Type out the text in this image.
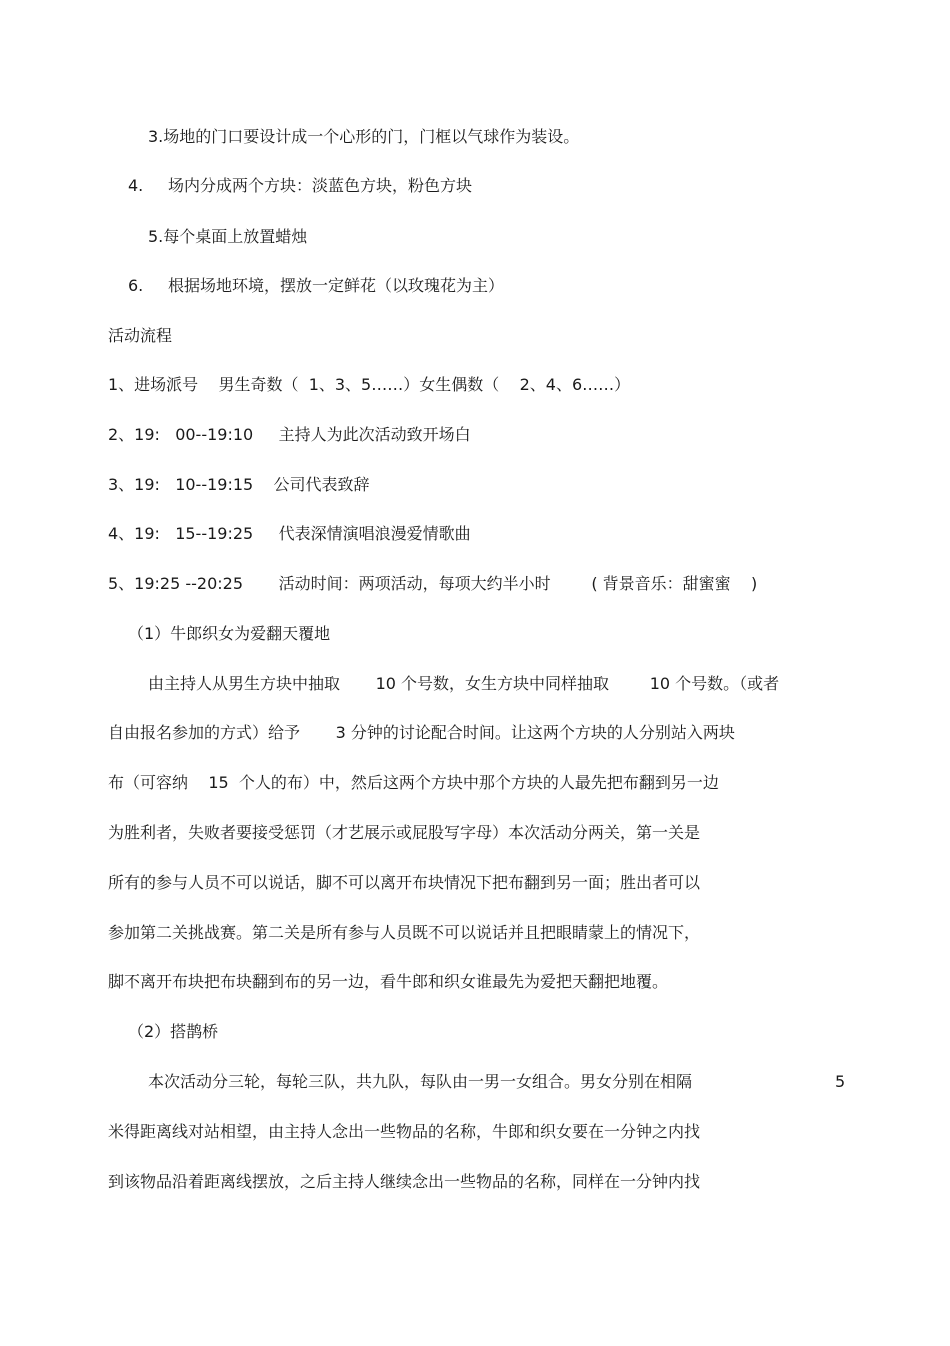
3.场地的门口要设计成一个心形的门，门框以气球作为装设。
4. 场内分成两个方块：淡蓝色方块，粉色方块
5.每个桌面上放置蜡烛
6. 根据场地环境，摆放一定鲜花（以玫瑰花为主）
活动流程
1、进场派号    男生奇数（  1、3、5……）女生偶数（    2、4、6……）
2、19:   00--19:10     主持人为此次活动致开场白
3、19:   10--19:15    公司代表致辞
4、19:   15--19:25     代表深情演唱浪漫爱情歌曲
5、19:25 --20:25       活动时间：两项活动，每项大约半小时        ( 背景音乐：甜蜜蜜    )
（1）牛郎织女为爱翻天覆地
由主持人从男生方块中抽取       10 个号数，女生方块中同样抽取        10 个号数。（或者
自由报名参加的方式）给予       3 分钟的讨论配合时间。让这两个方块的人分别站入两块
布（可容纳    15  个人的布）中，然后这两个方块中那个方块的人最先把布翻到另一边
为胜利者，失败者要接受惩罚（才艺展示或屁股写字母）本次活动分两关，第一关是
所有的参与人员不可以说话，脚不可以离开布块情况下把布翻到另一面；胜出者可以
参加第二关挑战赛。第二关是所有参与人员既不可以说话并且把眼睛蒙上的情况下，
脚不离开布块把布块翻到布的另一边，看牛郎和织女谁最先为爱把天翻把地覆。
（2）搭鹊桥
本次活动分三轮，每轮三队，共九队，每队由一男一女组合。男女分别在相隔	5
米得距离线对站相望，由主持人念出一些物品的名称，牛郎和织女要在一分钟之内找
到该物品沿着距离线摆放，之后主持人继续念出一些物品的名称，同样在一分钟内找
